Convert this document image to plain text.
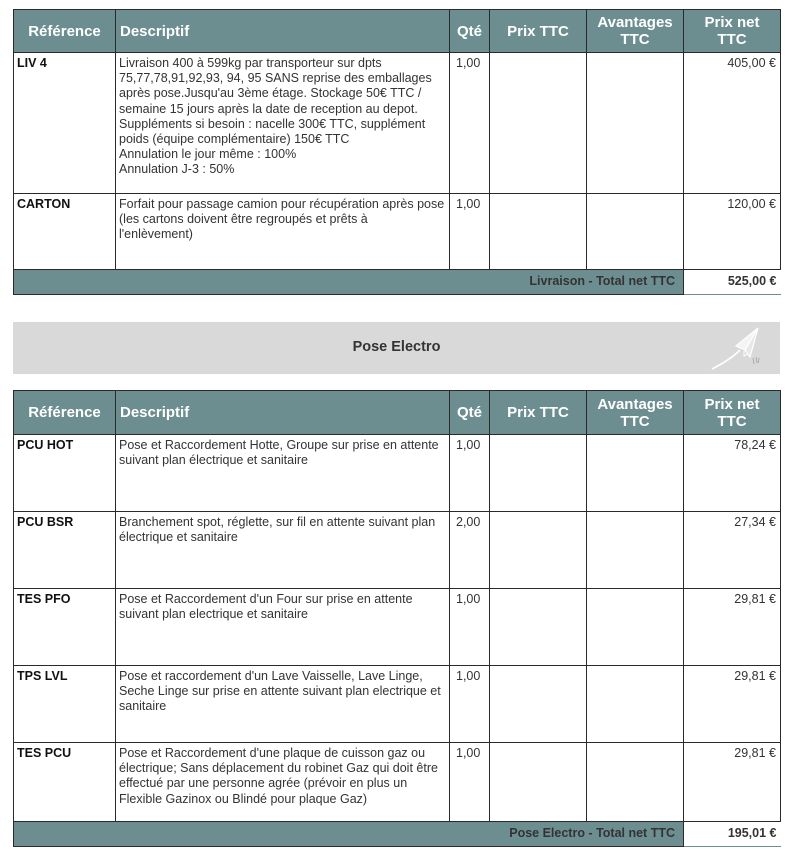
Référence	Descriptif	Qté	Prix TTC	Avantages TTC	Prix net TTC
LIV 4	Livraison 400 à 599kg par transporteur sur dpts 75,77,78,91,92,93, 94, 95 SANS reprise des emballages après pose.Jusqu'au 3ème étage. Stockage 50€ TTC / semaine 15 jours après la date de reception au depot. Suppléments si besoin : nacelle 300€ TTC, supplément poids (équipe complémentaire) 150€ TTC
Annulation le jour même : 100%
Annulation J-3 : 50%	1,00			405,00 €
CARTON	Forfait pour passage camion pour récupération après pose (les cartons doivent être regroupés et prêts à l'enlèvement)	1,00			120,00 €
Livraison - Total net TTC					525,00 €
Pose Electro
Référence	Descriptif	Qté	Prix TTC	Avantages TTC	Prix net TTC
PCU HOT	Pose et Raccordement Hotte, Groupe sur prise en attente suivant plan électrique et sanitaire	1,00			78,24 €
PCU BSR	Branchement spot, réglette, sur fil en attente suivant plan électrique et sanitaire	2,00			27,34 €
TES PFO	Pose et Raccordement d'un Four sur prise en attente suivant plan electrique et sanitaire	1,00			29,81 €
TPS LVL	Pose et raccordement d'un Lave Vaisselle, Lave Linge, Seche Linge sur prise en attente suivant plan electrique et sanitaire	1,00			29,81 €
TES PCU	Pose et Raccordement d'une plaque de cuisson gaz ou électrique; Sans déplacement du robinet Gaz qui doit être effectué par une personne agrée (prévoir en plus un Flexible Gazinox ou Blindé pour plaque Gaz)	1,00			29,81 €
Pose Electro - Total net TTC					195,01 €
